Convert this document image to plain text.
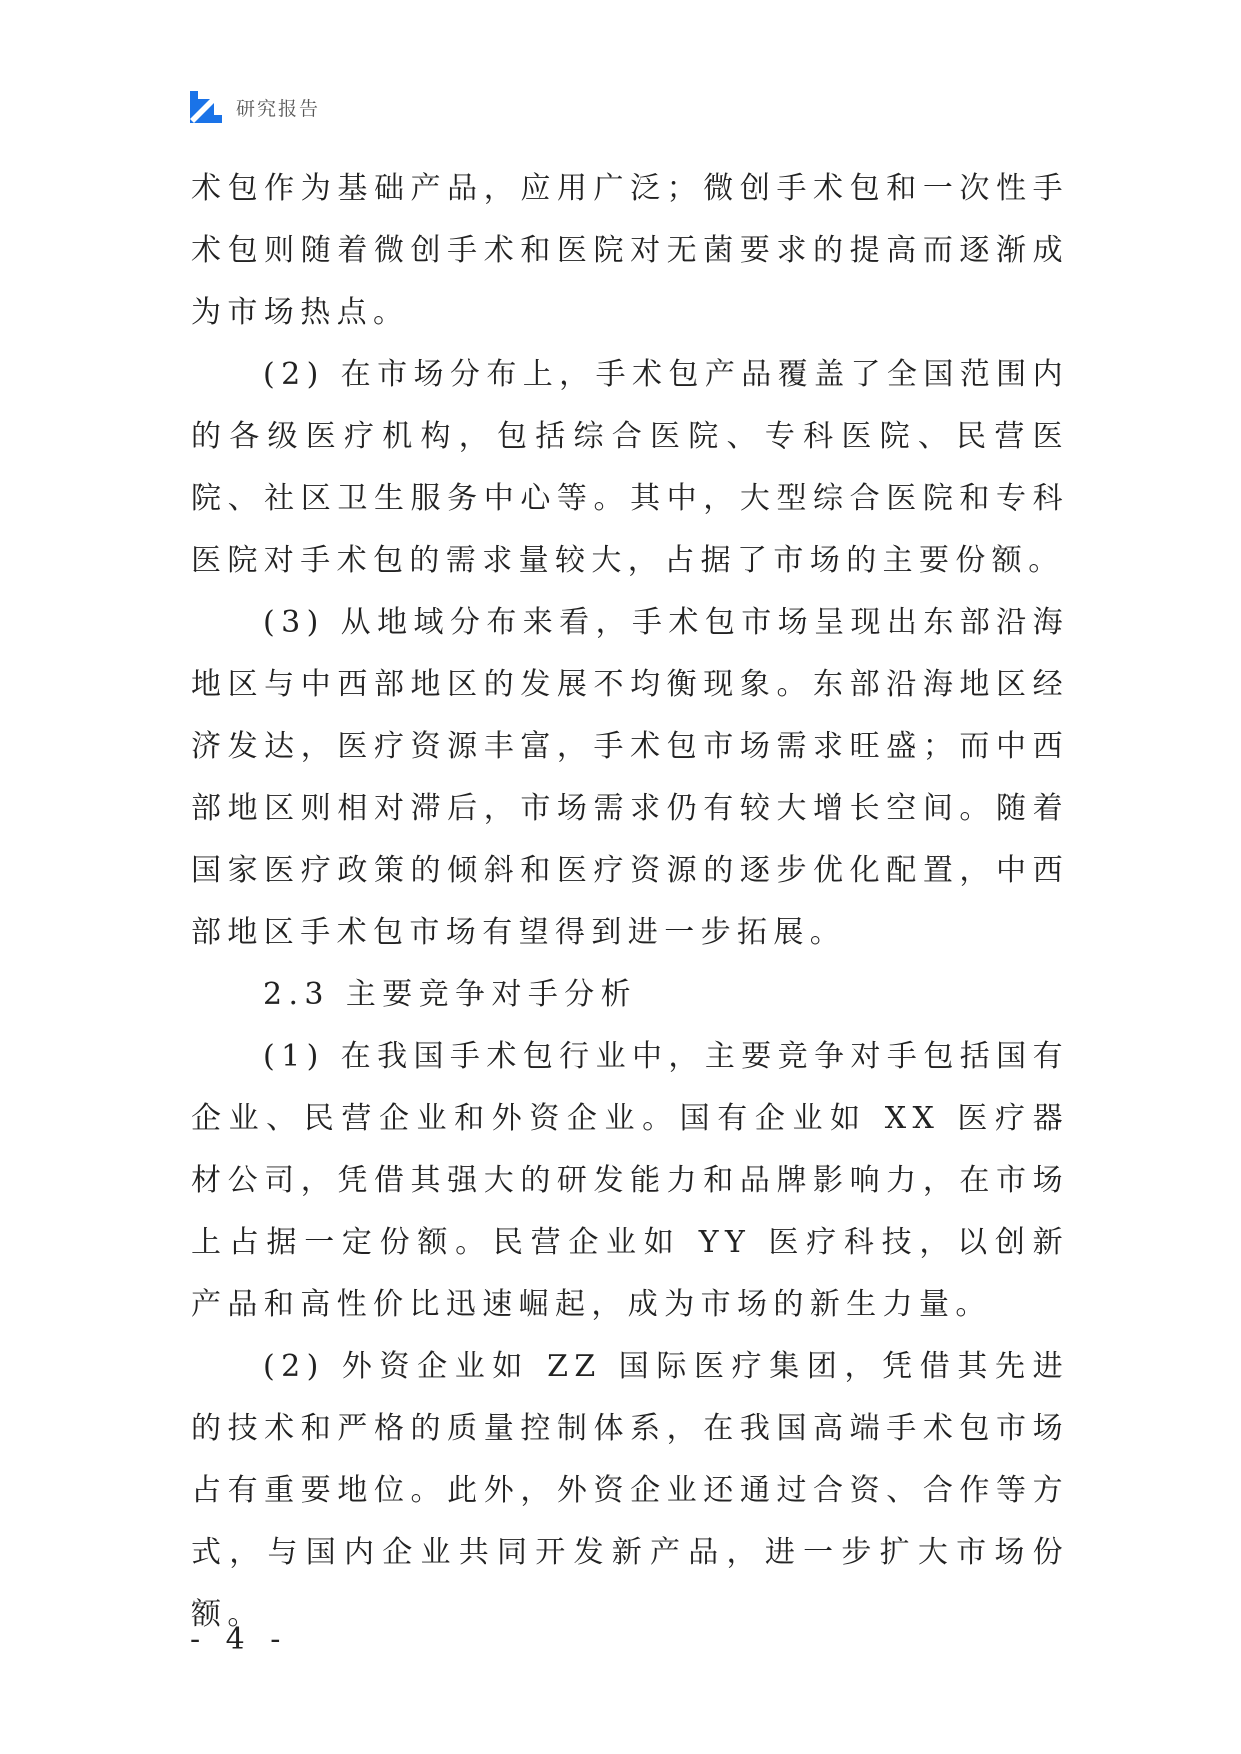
研究报告

术包作为基础产品，应用广泛；微创手术包和一次性手术包则随着微创手术和医院对无菌要求的提高而逐渐成为市场热点。

(2) 在市场分布上，手术包产品覆盖了全国范围内的各级医疗机构，包括综合医院、专科医院、民营医院、社区卫生服务中心等。其中，大型综合医院和专科医院对手术包的需求量较大，占据了市场的主要份额。

(3) 从地域分布来看，手术包市场呈现出东部沿海地区与中西部地区的发展不均衡现象。东部沿海地区经济发达，医疗资源丰富，手术包市场需求旺盛；而中西部地区则相对滞后，市场需求仍有较大增长空间。随着国家医疗政策的倾斜和医疗资源的逐步优化配置，中西部地区手术包市场有望得到进一步拓展。

2.3 主要竞争对手分析

(1) 在我国手术包行业中，主要竞争对手包括国有企业、民营企业和外资企业。国有企业如 XX 医疗器材公司，凭借其强大的研发能力和品牌影响力，在市场上占据一定份额。民营企业如 YY 医疗科技，以创新产品和高性价比迅速崛起，成为市场的新生力量。

(2) 外资企业如 ZZ 国际医疗集团，凭借其先进的技术和严格的质量控制体系，在我国高端手术包市场占有重要地位。此外，外资企业还通过合资、合作等方式，与国内企业共同开发新产品，进一步扩大市场份额。

- 4 -
